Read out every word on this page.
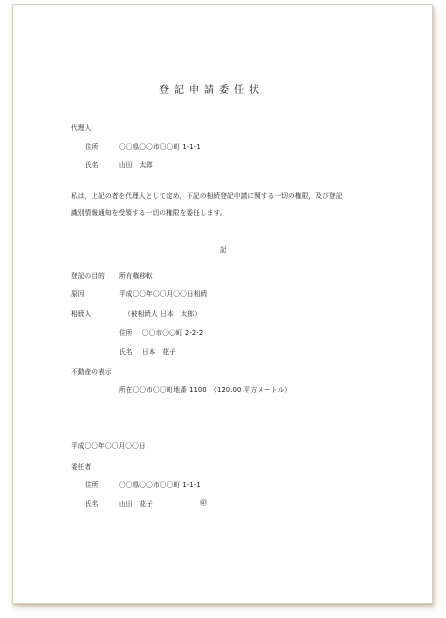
登記申請委任状
代理人
住所	〇〇県〇〇市〇〇町 1-1-1
氏名	山田　太郎
私は，上記の者を代理人として定め，下記の相続登記申請に関する一切の権限，及び登記
識別情報通知を受領する一切の権限を委任します。
記
登記の目的 所有権移転
原因	平成〇〇年〇〇月〇〇日相続
相続人	（被相続人 日本　太郎）
住所 〇〇市〇〇町 2-2-2
氏名 日本　花子
不動産の表示
所在〇〇市〇〇町地番 1100　（120.00 平方メートル）
平成〇〇年〇〇月〇〇日
委任者
住所	〇〇県〇〇市〇〇町 1-1-1
氏名	山田　花子	㊞
